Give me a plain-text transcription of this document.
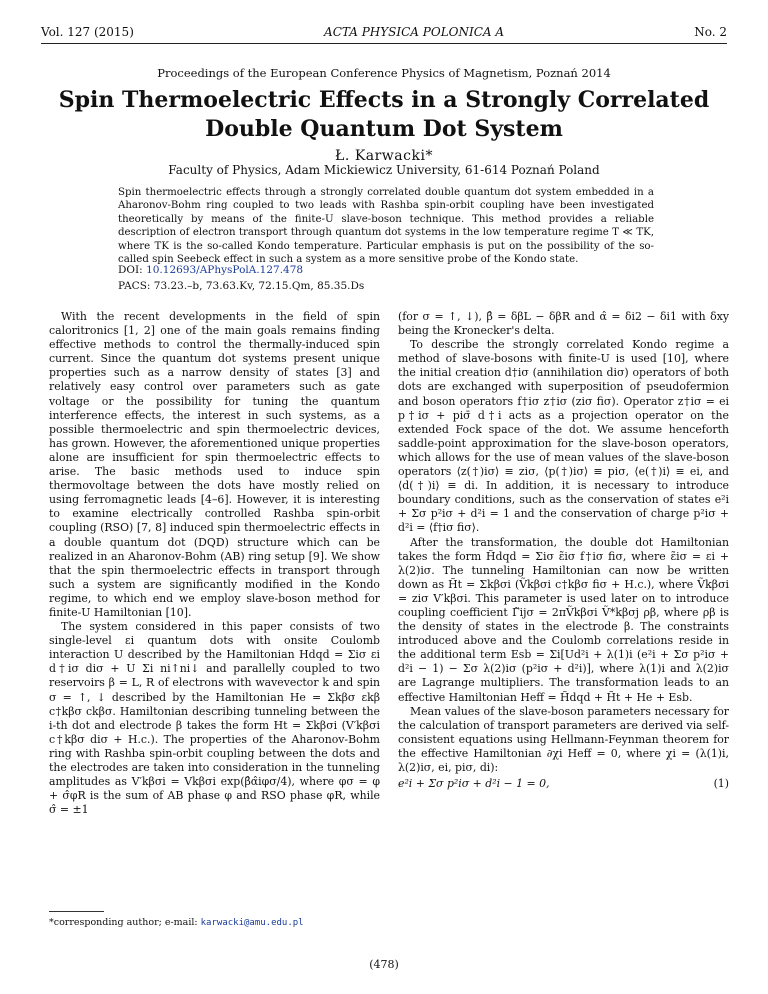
Vol. 127 (2015)	ACTA PHYSICA POLONICA A	No. 2
Proceedings of the European Conference Physics of Magnetism, Poznań 2014
Spin Thermoelectric Effects in a Strongly Correlated Double Quantum Dot System
Ł. Karwacki*
Faculty of Physics, Adam Mickiewicz University, 61-614 Poznań Poland
Spin thermoelectric effects through a strongly correlated double quantum dot system embedded in a Aharonov-Bohm ring coupled to two leads with Rashba spin-orbit coupling have been investigated theoretically by means of the finite-U slave-boson technique. This method provides a reliable description of electron transport through quantum dot systems in the low temperature regime T ≪ TK, where TK is the so-called Kondo temperature. Particular emphasis is put on the possibility of the so-called spin Seebeck effect in such a system as a more sensitive probe of the Kondo state.
DOI: 10.12693/APhysPolA.127.478
PACS: 73.23.–b, 73.63.Kv, 72.15.Qm, 85.35.Ds

With the recent developments in the field of spin caloritronics [1, 2] one of the main goals remains finding effective methods to control the thermally-induced spin current. Since the quantum dot systems present unique properties such as a narrow density of states [3] and relatively easy control over parameters such as gate voltage or the possibility for tuning the quantum interference effects, the interest in such systems, as a possible thermoelectric and spin thermoelectric devices, has grown. However, the aforementioned unique properties alone are insufficient for spin thermoelectric effects to arise. The basic methods used to induce spin thermovoltage between the dots have mostly relied on using ferromagnetic leads [4–6]. However, it is interesting to examine electrically controlled Rashba spin-orbit coupling (RSO) [7, 8] induced spin thermoelectric effects in a double quantum dot (DQD) structure which can be realized in an Aharonov-Bohm (AB) ring setup [9]. We show that the spin thermoelectric effects in transport through such a system are significantly modified in the Kondo regime, to which end we employ slave-boson method for finite-U Hamiltonian [10].

The system considered in this paper consists of two single-level εi quantum dots with onsite Coulomb interaction U described by the Hamiltonian Hdqd = Σiσ εi d†iσ diσ + U Σi ni↑ni↓ and parallelly coupled to two reservoirs β = L, R of electrons with wavevector k and spin σ = ↑, ↓ described by the Hamiltonian He = Σkβσ εkβ c†kβσ ckβσ. Hamiltonian describing tunneling between the i-th dot and electrode β takes the form Ht = Σkβσi (V′kβσi c†kβσ diσ + H.c.). The properties of the Aharonov-Bohm ring with Rashba spin-orbit coupling between the dots and the electrodes are taken into consideration in the tunneling amplitudes as V′kβσi = Vkβσi exp(β̂α̂iφσ/4), where φσ = φ + σ̂φR is the sum of AB phase φ and RSO phase φR, while σ̂ = ±1

(for σ = ↑, ↓), β̂ = δβL − δβR and α̂ = δi2 − δi1 with δxy being the Kronecker's delta.

To describe the strongly correlated Kondo regime a method of slave-bosons with finite-U is used [10], where the initial creation d†iσ (annihilation diσ) operators of both dots are exchanged with superposition of pseudofermion and boson operators f†iσ z†iσ (ziσ fiσ). Operator z†iσ = ei p†iσ + piσ̄ d†i acts as a projection operator on the extended Fock space of the dot. We assume henceforth saddle-point approximation for the slave-boson operators, which allows for the use of mean values of the slave-boson operators ⟨z(†)iσ⟩ ≡ ziσ, ⟨p(†)iσ⟩ ≡ piσ, ⟨e(†)i⟩ ≡ ei, and ⟨d(†)i⟩ ≡ di. In addition, it is necessary to introduce boundary conditions, such as the conservation of states e²i + Σσ p²iσ + d²i = 1 and the conservation of charge p²iσ + d²i = ⟨f†iσ fiσ⟩.

After the transformation, the double dot Hamiltonian takes the form H̃dqd = Σiσ ε̃iσ f†iσ fiσ, where ε̃iσ = εi + λ(2)iσ. The tunneling Hamiltonian can now be written down as H̃t = Σkβσi (Ṽkβσi c†kβσ fiσ + H.c.), where Ṽkβσi = ziσ V′kβσi. This parameter is used later on to introduce coupling coefficient Γ̃ijσ = 2πṼkβσi Ṽ*kβσj ρβ, where ρβ is the density of states in the electrode β. The constraints introduced above and the Coulomb correlations reside in the additional term Esb = Σi[Ud²i + λ(1)i (e²i + Σσ p²iσ + d²i − 1) − Σσ λ(2)iσ (p²iσ + d²i)], where λ(1)i and λ(2)iσ are Lagrange multipliers. The transformation leads to an effective Hamiltonian Heff = H̃dqd + H̃t + He + Esb.

Mean values of the slave-boson parameters necessary for the calculation of transport parameters are derived via self-consistent equations using Hellmann-Feynman theorem for the effective Hamiltonian ∂χi Heff = 0, where χi = (λ(1)i, λ(2)iσ, ei, piσ, di):

e²i + Σσ p²iσ + d²i − 1 = 0,	(1)
*corresponding author; e-mail: karwacki@amu.edu.pl
(478)
